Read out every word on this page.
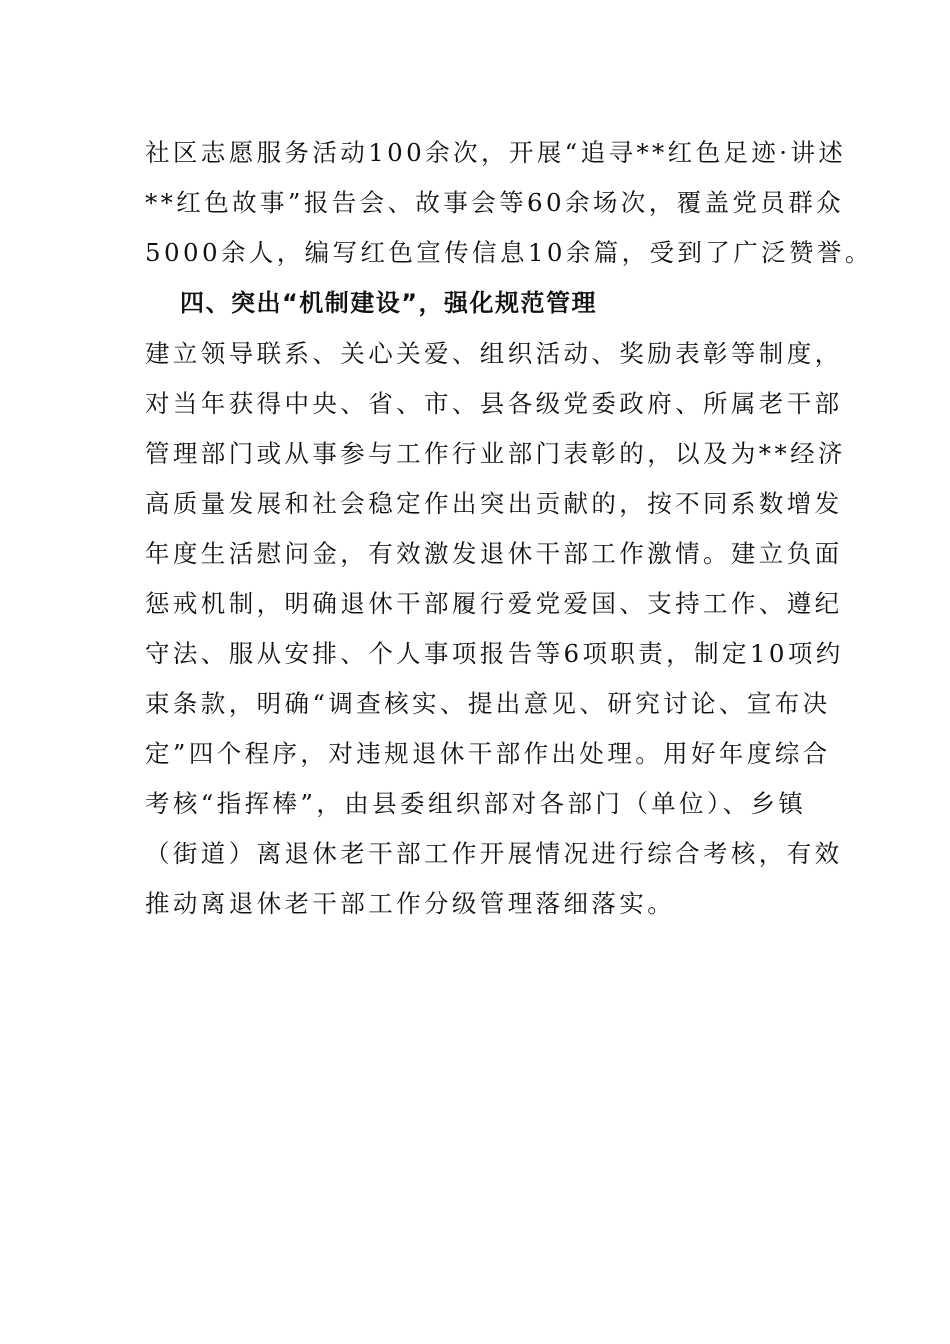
社区志愿服务活动100余次，开展“追寻**红色足迹·讲述
**红色故事”报告会、故事会等60余场次，覆盖党员群众
5000余人，编写红色宣传信息10余篇，受到了广泛赞誉。
四、突出“机制建设”，强化规范管理
建立领导联系、关心关爱、组织活动、奖励表彰等制度，
对当年获得中央、省、市、县各级党委政府、所属老干部
管理部门或从事参与工作行业部门表彰的，以及为**经济
高质量发展和社会稳定作出突出贡献的，按不同系数增发
年度生活慰问金，有效激发退休干部工作激情。建立负面
惩戒机制，明确退休干部履行爱党爱国、支持工作、遵纪
守法、服从安排、个人事项报告等6项职责，制定10项约
束条款，明确“调查核实、提出意见、研究讨论、宣布决
定”四个程序，对违规退休干部作出处理。用好年度综合
考核“指挥棒”，由县委组织部对各部门（单位）、乡镇
（街道）离退休老干部工作开展情况进行综合考核，有效
推动离退休老干部工作分级管理落细落实。
